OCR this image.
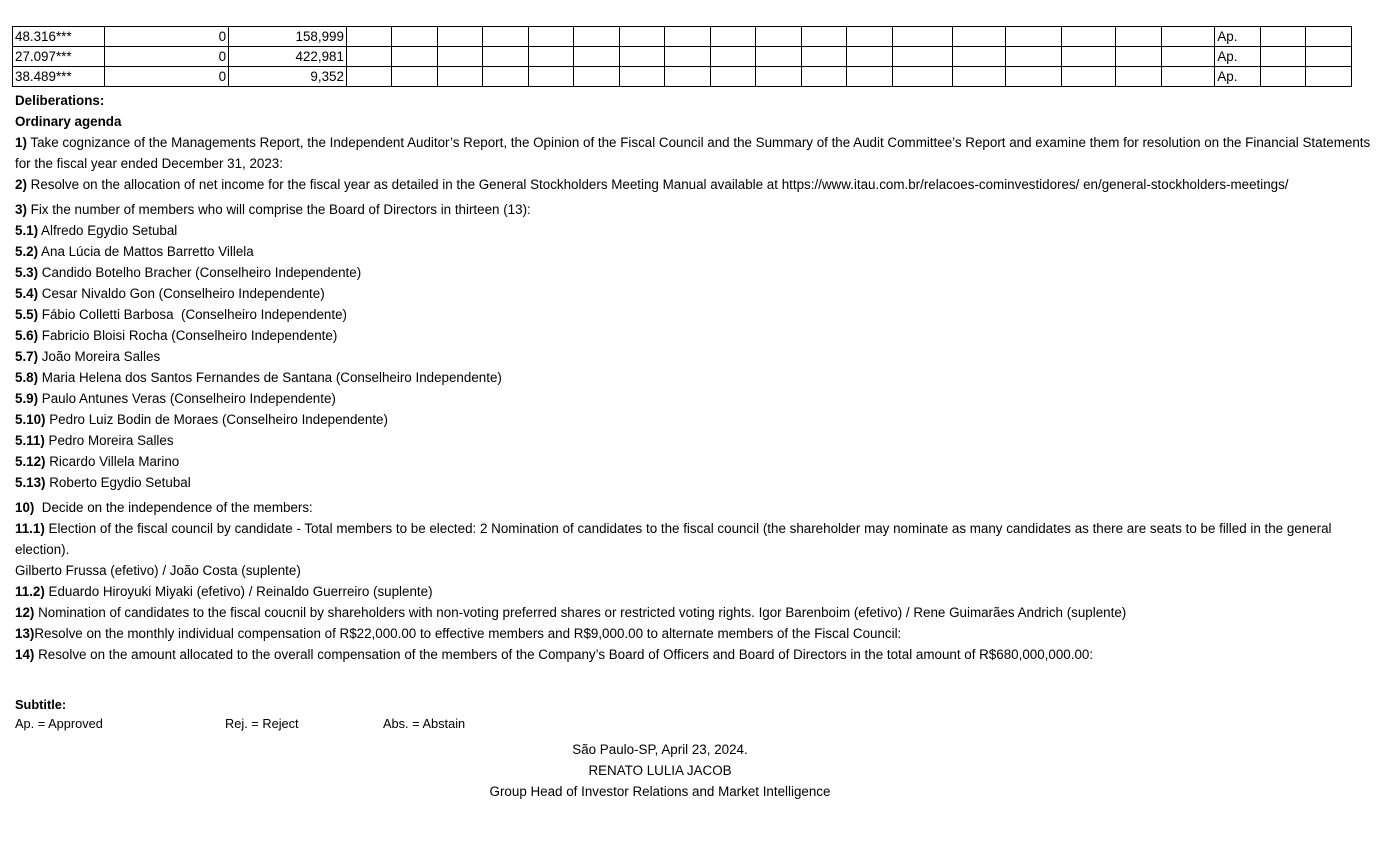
48.316***	0	158,999																			Ap.		
27.097***	0	422,981																			Ap.		
38.489***	0	9,352																			Ap.		
Deliberations:
Ordinary agenda
1) Take cognizance of the Managements Report, the Independent Auditor’s Report, the Opinion of the Fiscal Council and the Summary of the Audit Committee’s Report and examine them for resolution on the Financial Statements for the fiscal year ended December 31, 2023:
2) Resolve on the allocation of net income for the fiscal year as detailed in the General Stockholders Meeting Manual available at https://www.itau.com.br/relacoes-cominvestidores/ en/general-stockholders-meetings/
3) Fix the number of members who will comprise the Board of Directors in thirteen (13):
5.1) Alfredo Egydio Setubal
5.2) Ana Lúcia de Mattos Barretto Villela
5.3) Candido Botelho Bracher (Conselheiro Independente)
5.4) Cesar Nivaldo Gon (Conselheiro Independente)
5.5) Fábio Colletti Barbosa  (Conselheiro Independente)
5.6) Fabricio Bloisi Rocha (Conselheiro Independente)
5.7) João Moreira Salles
5.8) Maria Helena dos Santos Fernandes de Santana (Conselheiro Independente)
5.9) Paulo Antunes Veras (Conselheiro Independente)
5.10) Pedro Luiz Bodin de Moraes (Conselheiro Independente)
5.11) Pedro Moreira Salles
5.12) Ricardo Villela Marino
5.13) Roberto Egydio Setubal
10)  Decide on the independence of the members:
11.1) Election of the fiscal council by candidate - Total members to be elected: 2 Nomination of candidates to the fiscal council (the shareholder may nominate as many candidates as there are seats to be filled in the general election).
Gilberto Frussa (efetivo) / João Costa (suplente)
11.2) Eduardo Hiroyuki Miyaki (efetivo) / Reinaldo Guerreiro (suplente)
12) Nomination of candidates to the fiscal coucnil by shareholders with non-voting preferred shares or restricted voting rights. Igor Barenboim (efetivo) / Rene Guimarães Andrich (suplente)
13)Resolve on the monthly individual compensation of R$22,000.00 to effective members and R$9,000.00 to alternate members of the Fiscal Council:
14) Resolve on the amount allocated to the overall compensation of the members of the Company’s Board of Officers and Board of Directors in the total amount of R$680,000,000.00:
Subtitle:
Ap. = Approved	Rej. = Reject	Abs. = Abstain
São Paulo-SP, April 23, 2024.
RENATO LULIA JACOB
Group Head of Investor Relations and Market Intelligence
